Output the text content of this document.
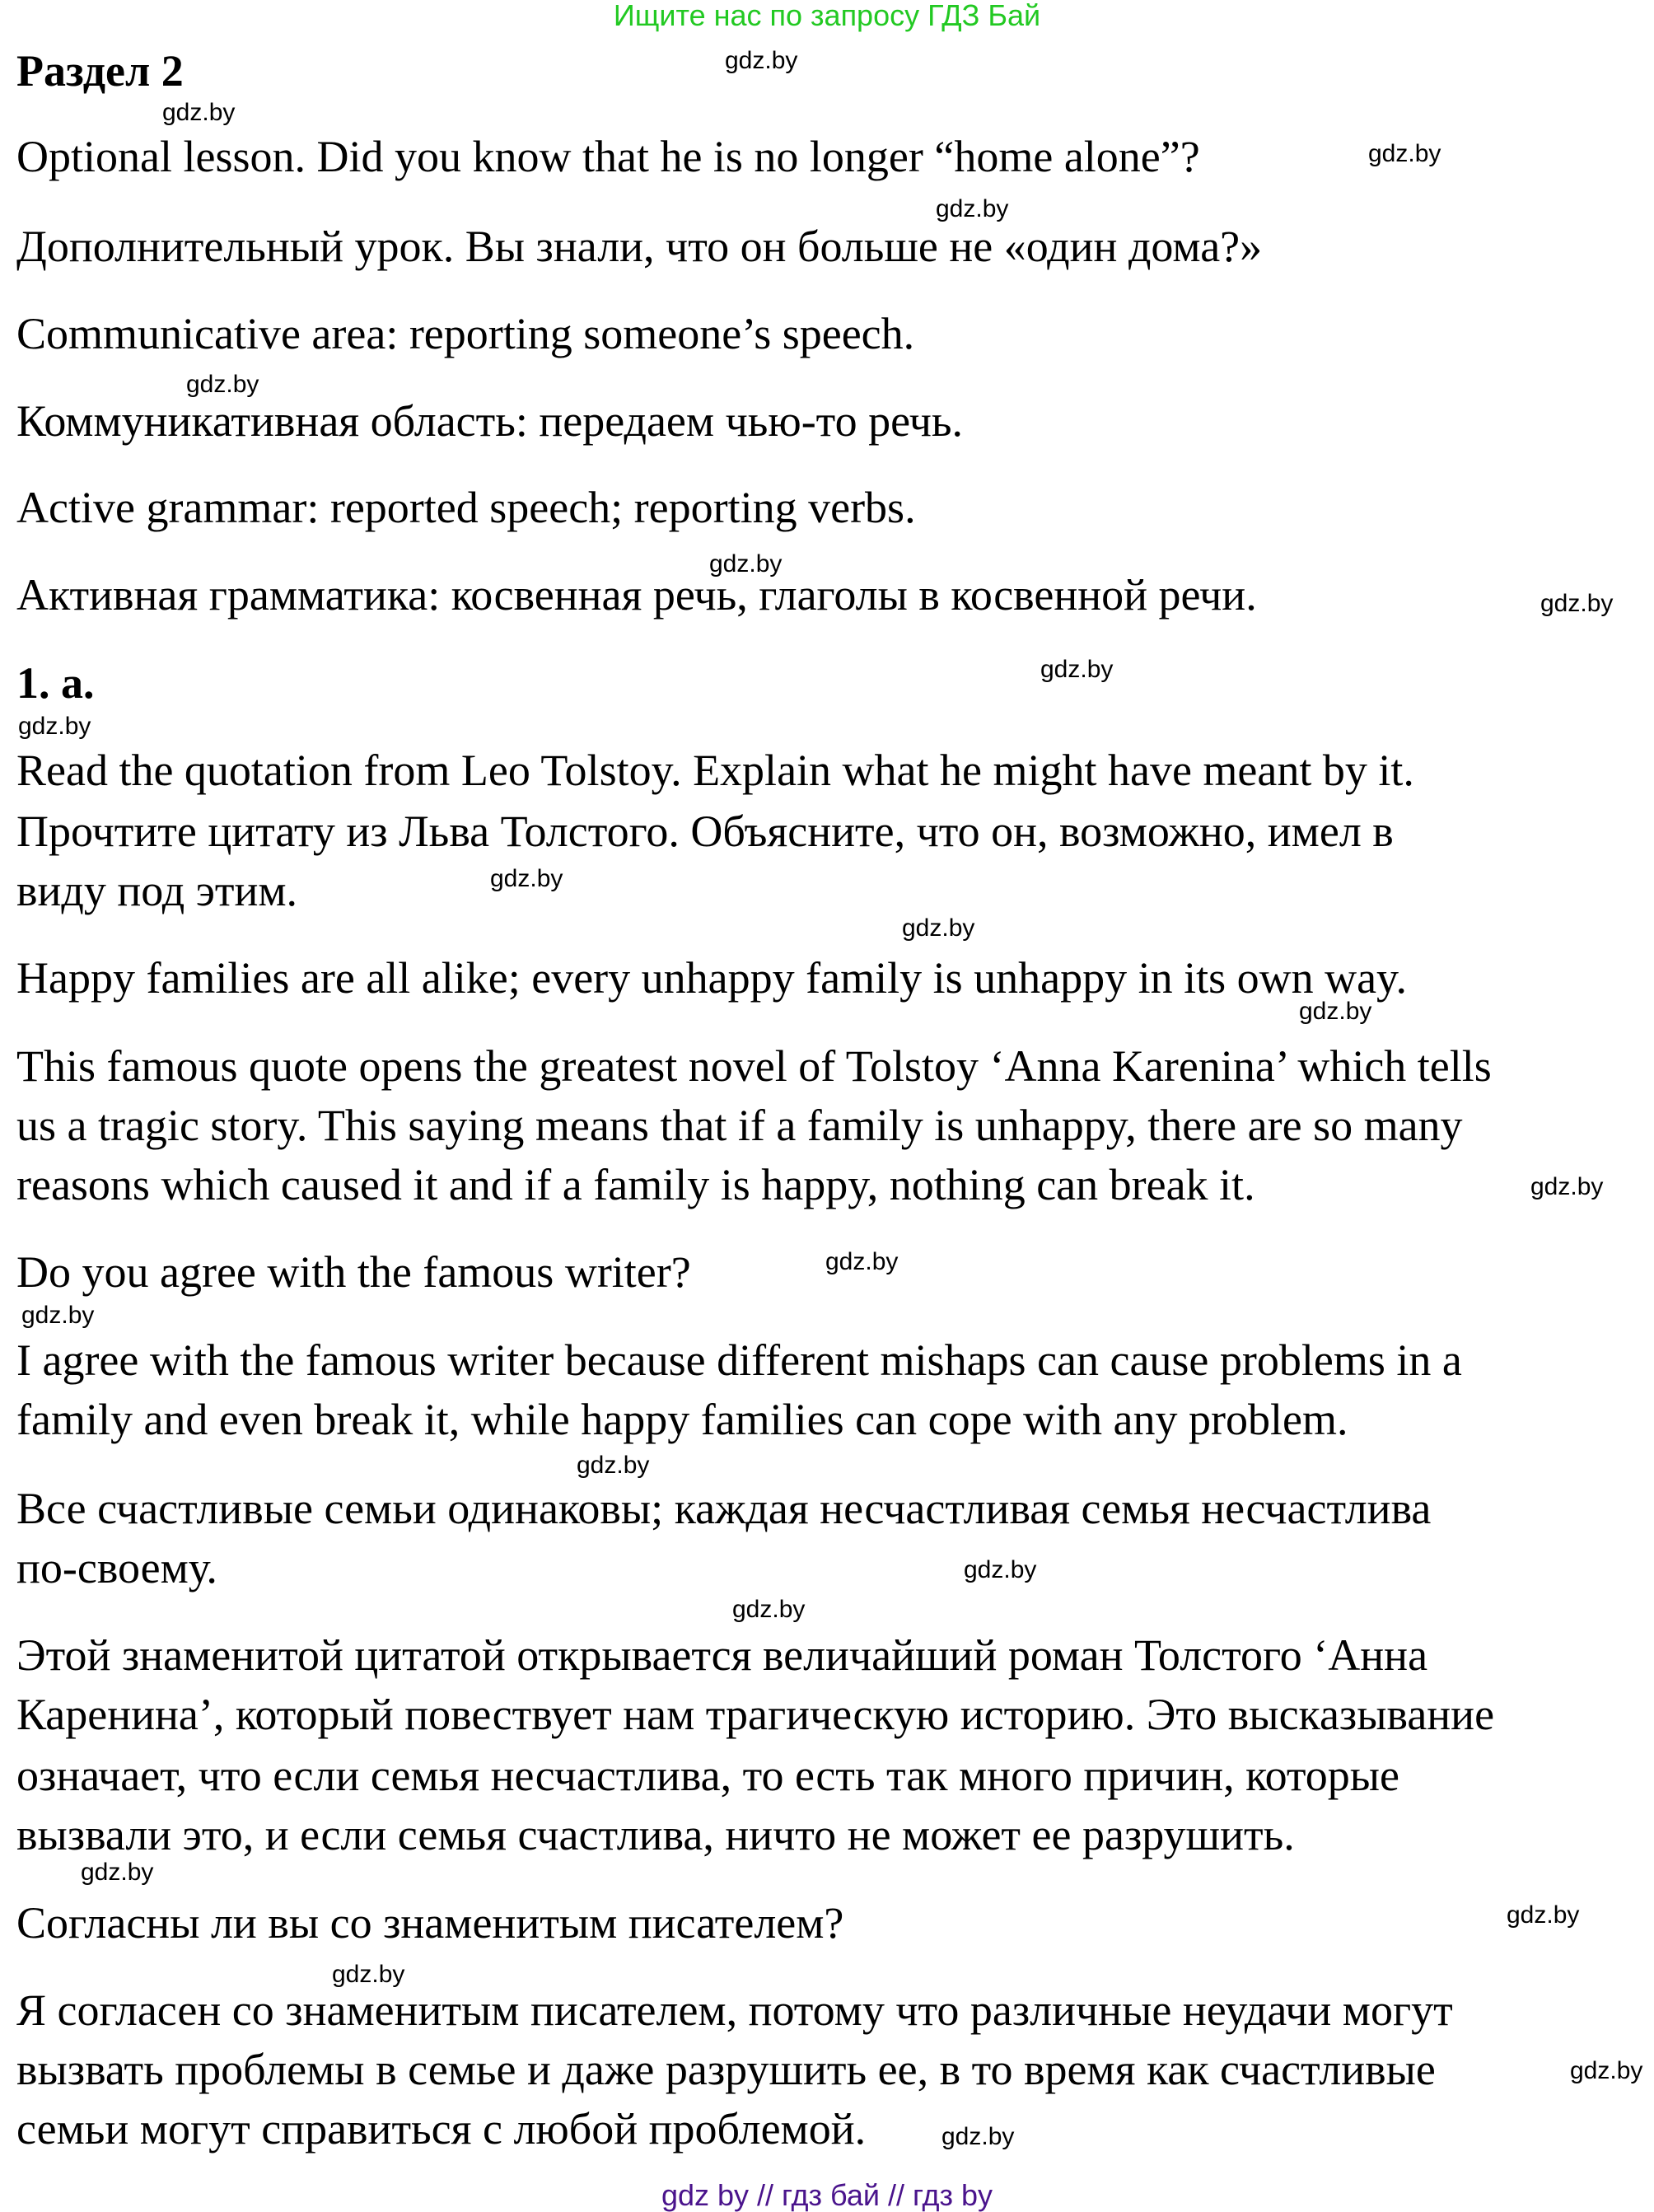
Ищите нас по запросу ГДЗ Бай
Раздел 2
Optional lesson. Did you know that he is no longer “home alone”?
Дополнительный урок. Вы знали, что он больше не «один дома?»
Communicative area: reporting someone’s speech.
Коммуникативная область: передаем чью-то речь.
Active grammar: reported speech; reporting verbs.
Активная грамматика: косвенная речь, глаголы в косвенной речи.
1. a.
Read the quotation from Leo Tolstoy. Explain what he might have meant by it.
Прочтите цитату из Льва Толстого. Объясните, что он, возможно, имел в
виду под этим.
Happy families are all alike; every unhappy family is unhappy in its own way.
This famous quote opens the greatest novel of Tolstoy ‘Anna Karenina’ which tells
us a tragic story. This saying means that if a family is unhappy, there are so many
reasons which caused it and if a family is happy, nothing can break it.
Do you agree with the famous writer?
I agree with the famous writer because different mishaps can cause problems in a
family and even break it, while happy families can cope with any problem.
Все счастливые семьи одинаковы; каждая несчастливая семья несчастлива
по-своему.
Этой знаменитой цитатой открывается величайший роман Толстого ‘Анна
Каренина’, который повествует нам трагическую историю. Это высказывание
означает, что если семья несчастлива, то есть так много причин, которые
вызвали это, и если семья счастлива, ничто не может ее разрушить.
Согласны ли вы со знаменитым писателем?
Я согласен со знаменитым писателем, потому что различные неудачи могут
вызвать проблемы в семье и даже разрушить ее, в то время как счастливые
семьи могут справиться с любой проблемой.
gdz.by
gdz.by
gdz.by
gdz.by
gdz.by
gdz.by
gdz.by
gdz.by
gdz.by
gdz.by
gdz.by
gdz.by
gdz.by
gdz.by
gdz.by
gdz.by
gdz.by
gdz.by
gdz.by
gdz.by
gdz.by
gdz.by
gdz.by
gdz by // гдз бай // гдз by
